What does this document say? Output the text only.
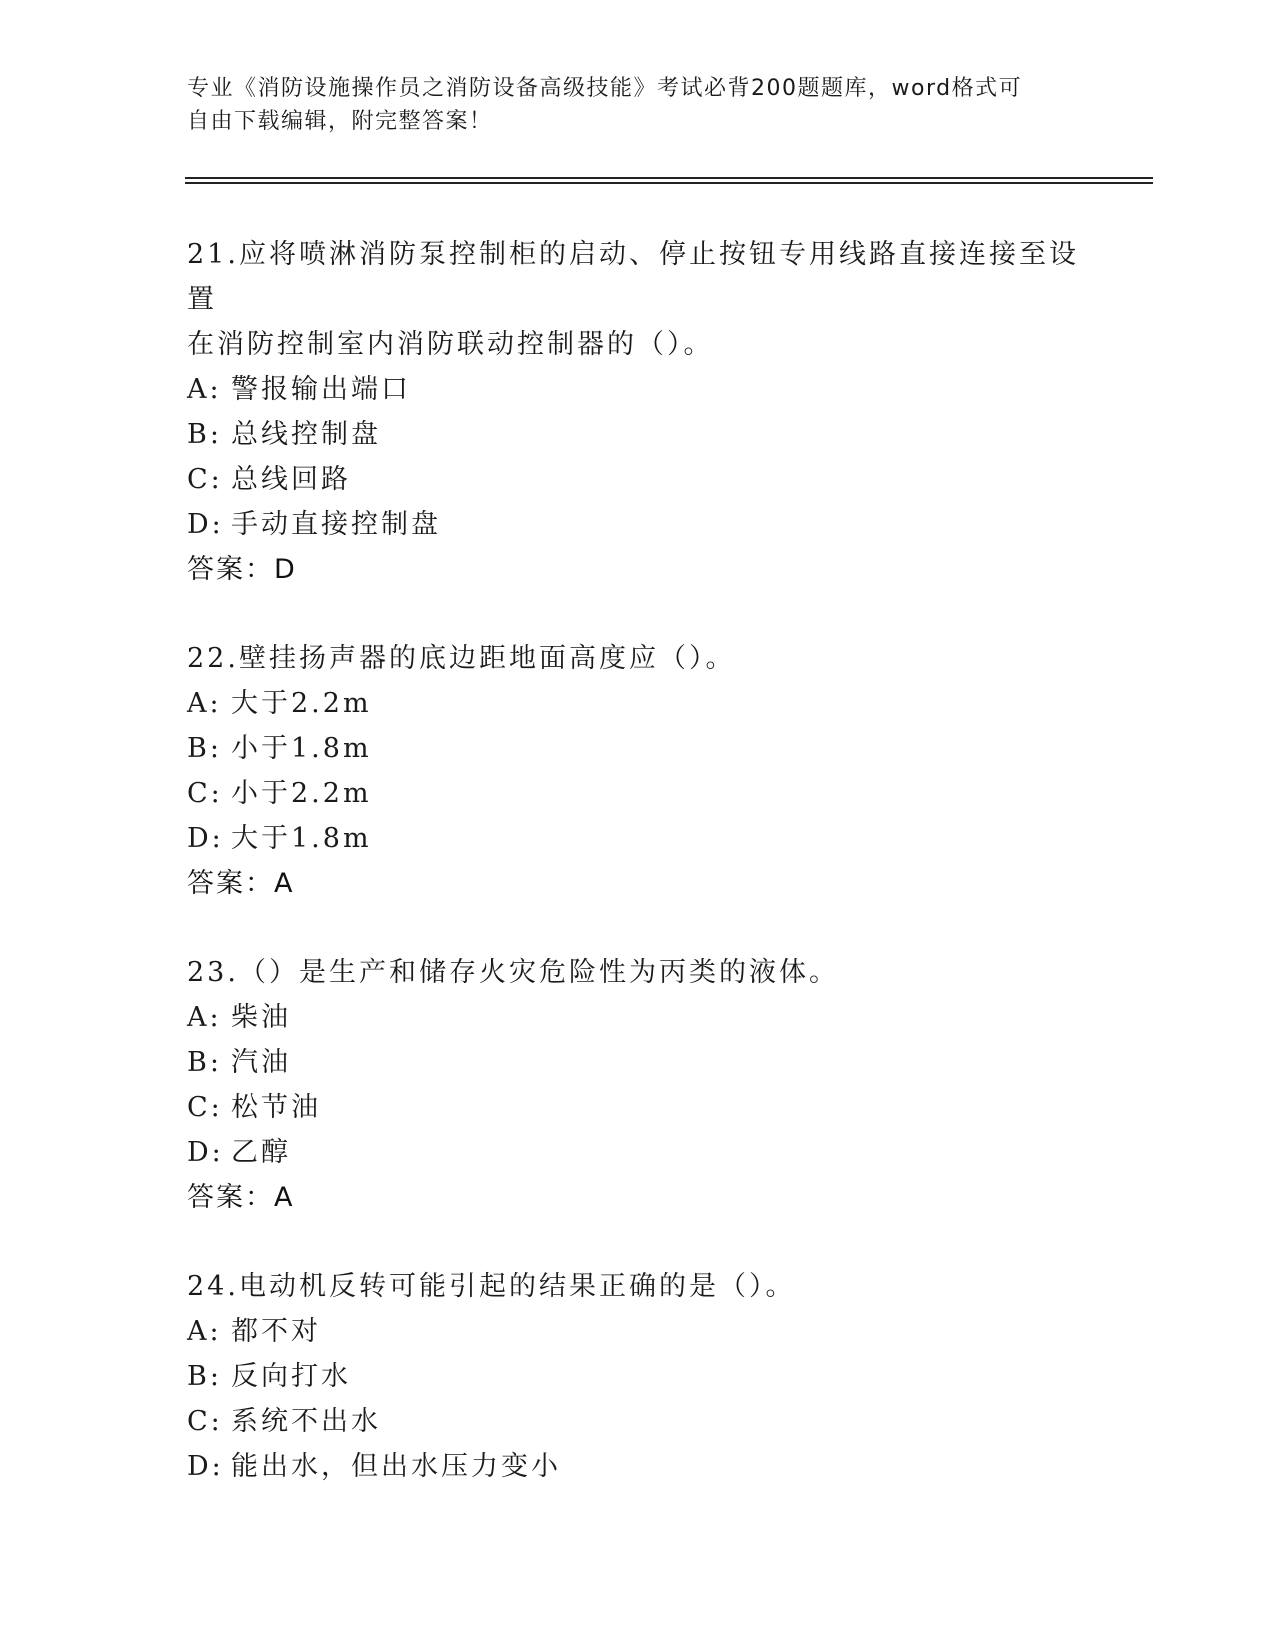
专业《消防设施操作员之消防设备高级技能》考试必背200题题库，word格式可

自由下载编辑，附完整答案！

21.应将喷淋消防泵控制柜的启动、停止按钮专用线路直接连接至设置

在消防控制室内消防联动控制器的（）。

A: 警报输出端口

B: 总线控制盘

C: 总线回路

D: 手动直接控制盘

答案：D

22.壁挂扬声器的底边距地面高度应（）。

A: 大于2.2m

B: 小于1.8m

C: 小于2.2m

D: 大于1.8m

答案：A

23.（）是生产和储存火灾危险性为丙类的液体。

A: 柴油

B: 汽油

C: 松节油

D: 乙醇

答案：A

24.电动机反转可能引起的结果正确的是（）。

A: 都不对

B: 反向打水

C: 系统不出水

D: 能出水，但出水压力变小
